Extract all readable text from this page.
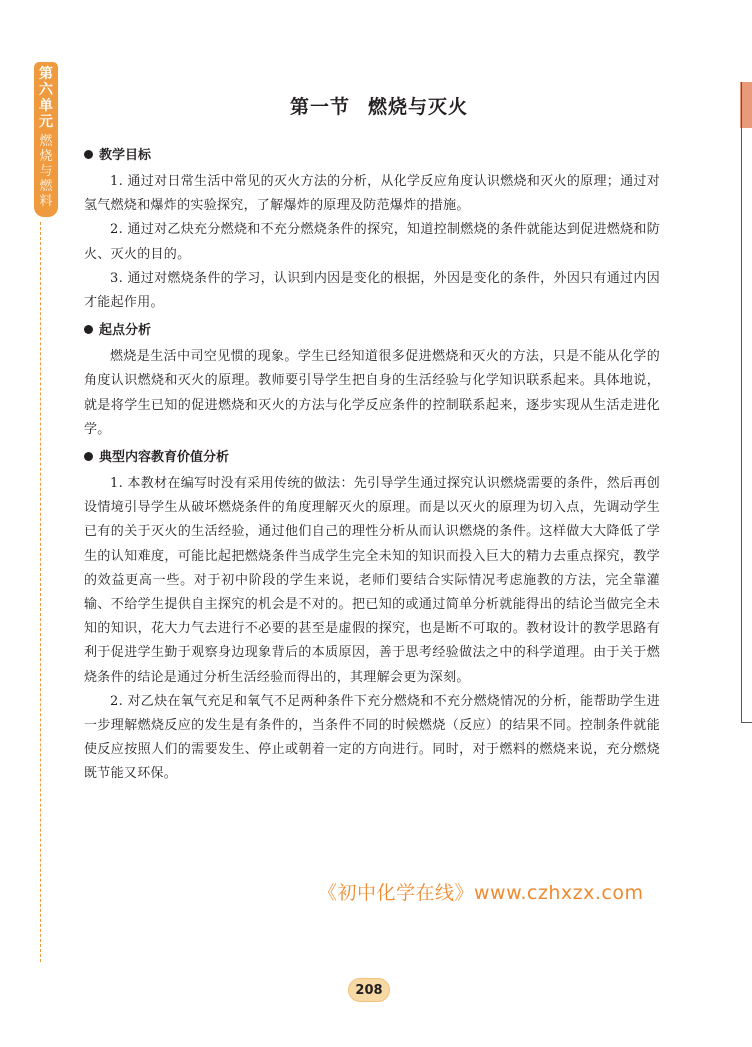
第六单元
燃烧与燃料
第一节 燃烧与灭火
教学目标

1. 通过对日常生活中常见的灭火方法的分析，从化学反应角度认识燃烧和灭火的原理；通过对氢气燃烧和爆炸的实验探究，了解爆炸的原理及防范爆炸的措施。

2. 通过对乙炔充分燃烧和不充分燃烧条件的探究，知道控制燃烧的条件就能达到促进燃烧和防火、灭火的目的。

3. 通过对燃烧条件的学习，认识到内因是变化的根据，外因是变化的条件，外因只有通过内因才能起作用。

起点分析

燃烧是生活中司空见惯的现象。学生已经知道很多促进燃烧和灭火的方法，只是不能从化学的角度认识燃烧和灭火的原理。教师要引导学生把自身的生活经验与化学知识联系起来。具体地说，就是将学生已知的促进燃烧和灭火的方法与化学反应条件的控制联系起来，逐步实现从生活走进化学。

典型内容教育价值分析

1. 本教材在编写时没有采用传统的做法：先引导学生通过探究认识燃烧需要的条件，然后再创设情境引导学生从破坏燃烧条件的角度理解灭火的原理。而是以灭火的原理为切入点，先调动学生已有的关于灭火的生活经验，通过他们自己的理性分析从而认识燃烧的条件。这样做大大降低了学生的认知难度，可能比起把燃烧条件当成学生完全未知的知识而投入巨大的精力去重点探究，教学的效益更高一些。对于初中阶段的学生来说，老师们要结合实际情况考虑施教的方法，完全靠灌输、不给学生提供自主探究的机会是不对的。把已知的或通过简单分析就能得出的结论当做完全未知的知识，花大力气去进行不必要的甚至是虚假的探究，也是断不可取的。教材设计的教学思路有利于促进学生勤于观察身边现象背后的本质原因，善于思考经验做法之中的科学道理。由于关于燃烧条件的结论是通过分析生活经验而得出的，其理解会更为深刻。

2. 对乙炔在氧气充足和氧气不足两种条件下充分燃烧和不充分燃烧情况的分析，能帮助学生进一步理解燃烧反应的发生是有条件的，当条件不同的时候燃烧（反应）的结果不同。控制条件就能使反应按照人们的需要发生、停止或朝着一定的方向进行。同时，对于燃料的燃烧来说，充分燃烧既节能又环保。

《初中化学在线》www.czhxzx.com
208
